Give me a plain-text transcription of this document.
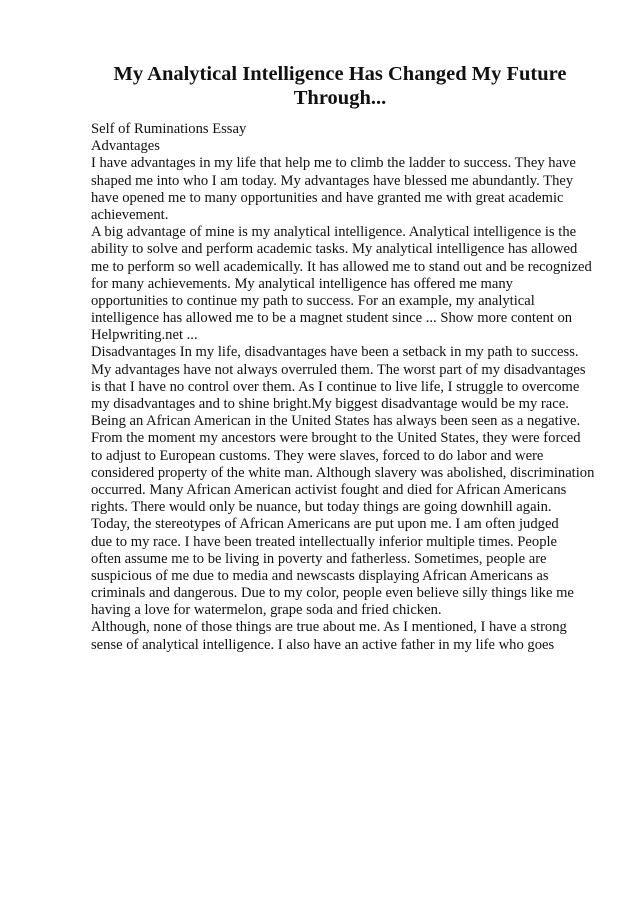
My Analytical Intelligence Has Changed My Future
Through...
Self of Ruminations Essay
Advantages
I have advantages in my life that help me to climb the ladder to success. They have
shaped me into who I am today. My advantages have blessed me abundantly. They
have opened me to many opportunities and have granted me with great academic
achievement.
A big advantage of mine is my analytical intelligence. Analytical intelligence is the
ability to solve and perform academic tasks. My analytical intelligence has allowed
me to perform so well academically. It has allowed me to stand out and be recognized
for many achievements. My analytical intelligence has offered me many
opportunities to continue my path to success. For an example, my analytical
intelligence has allowed me to be a magnet student since ... Show more content on
Helpwriting.net ...
Disadvantages In my life, disadvantages have been a setback in my path to success.
My advantages have not always overruled them. The worst part of my disadvantages
is that I have no control over them. As I continue to live life, I struggle to overcome
my disadvantages and to shine bright.My biggest disadvantage would be my race.
Being an African American in the United States has always been seen as a negative.
From the moment my ancestors were brought to the United States, they were forced
to adjust to European customs. They were slaves, forced to do labor and were
considered property of the white man. Although slavery was abolished, discrimination
occurred. Many African American activist fought and died for African Americans
rights. There would only be nuance, but today things are going downhill again.
Today, the stereotypes of African Americans are put upon me. I am often judged
due to my race. I have been treated intellectually inferior multiple times. People
often assume me to be living in poverty and fatherless. Sometimes, people are
suspicious of me due to media and newscasts displaying African Americans as
criminals and dangerous. Due to my color, people even believe silly things like me
having a love for watermelon, grape soda and fried chicken.
Although, none of those things are true about me. As I mentioned, I have a strong
sense of analytical intelligence. I also have an active father in my life who goes
